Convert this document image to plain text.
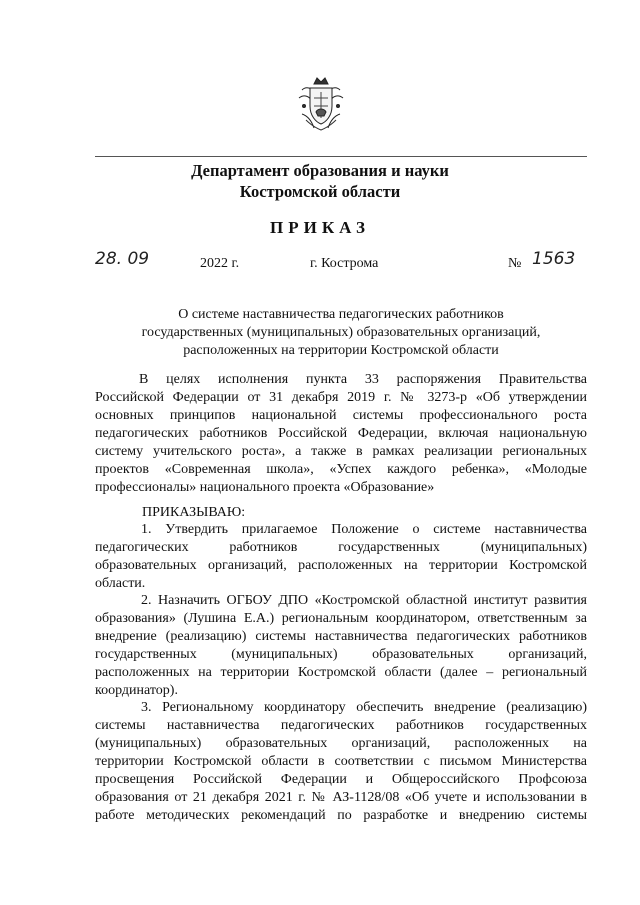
Департамент образования и науки
Костромской области
ПРИКАЗ
28. 09	2022 г.	г. Кострома	№ 1563
О системе наставничества педагогических работников
государственных (муниципальных) образовательных организаций,
расположенных на территории Костромской области
В целях исполнения пункта 33 распоряжения Правительства
Российской Федерации от 31 декабря 2019 г. № 3273-р «Об утверждении
основных принципов национальной системы профессионального роста
педагогических работников Российской Федерации, включая национальную
систему учительского роста», а также в рамках реализации региональных
проектов «Современная школа», «Успех каждого ребенка», «Молодые
профессионалы» национального проекта «Образование»
ПРИКАЗЫВАЮ:
1. Утвердить прилагаемое Положение о системе наставничества
педагогических работников государственных (муниципальных)
образовательных организаций, расположенных на территории Костромской
области.
2. Назначить ОГБОУ ДПО «Костромской областной институт развития
образования» (Лушина Е.А.) региональным координатором, ответственным за
внедрение (реализацию) системы наставничества педагогических работников
государственных (муниципальных) образовательных организаций,
расположенных на территории Костромской области (далее – региональный
координатор).
3. Региональному координатору обеспечить внедрение (реализацию)
системы наставничества педагогических работников государственных
(муниципальных) образовательных организаций, расположенных на
территории Костромской области в соответствии с письмом Министерства
просвещения Российской Федерации и Общероссийского Профсоюза
образования от 21 декабря 2021 г. № АЗ-1128/08 «Об учете и использовании в
работе методических рекомендаций по разработке и внедрению системы
